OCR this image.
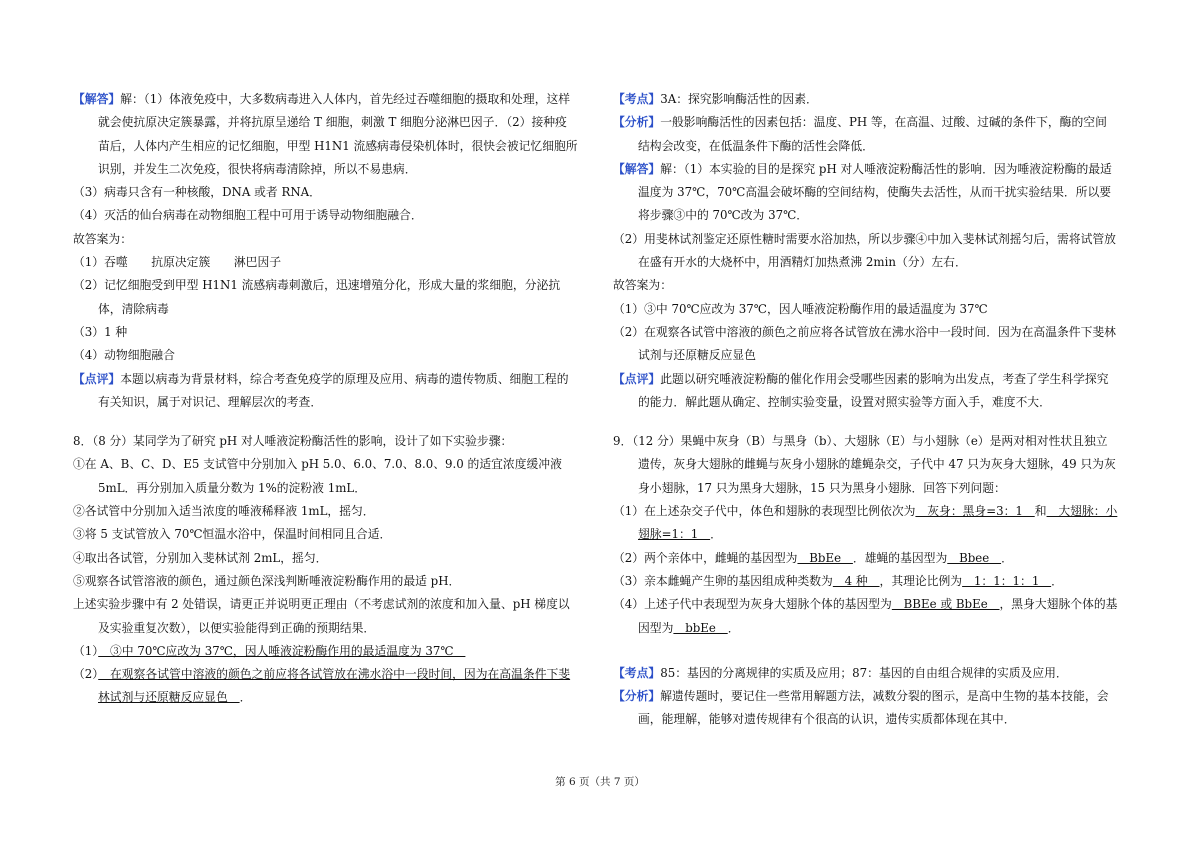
【解答】解：（1）体液免疫中，大多数病毒进入人体内，首先经过吞噬细胞的摄取和处理，这样就会使抗原决定簇暴露，并将抗原呈递给 T 细胞，刺激 T 细胞分泌淋巴因子．（2）接种疫苗后，人体内产生相应的记忆细胞，甲型 H1N1 流感病毒侵染机体时，很快会被记忆细胞所识别，并发生二次免疫，很快将病毒清除掉，所以不易患病．

（3）病毒只含有一种核酸，DNA 或者 RNA．

（4）灭活的仙台病毒在动物细胞工程中可用于诱导动物细胞融合．

故答案为：

（1）吞噬　　抗原决定簇　　淋巴因子

（2）记忆细胞受到甲型 H1N1 流感病毒刺激后，迅速增殖分化，形成大量的浆细胞，分泌抗体，清除病毒

（3）1 种

（4）动物细胞融合

【点评】本题以病毒为背景材料，综合考查免疫学的原理及应用、病毒的遗传物质、细胞工程的有关知识，属于对识记、理解层次的考查．

8．（8 分）某同学为了研究 pH 对人唾液淀粉酶活性的影响，设计了如下实验步骤：

①在 A、B、C、D、E5 支试管中分别加入 pH 5.0、6.0、7.0、8.0、9.0 的适宜浓度缓冲液 5mL．再分别加入质量分数为 1%的淀粉液 1mL．

②各试管中分别加入适当浓度的唾液稀释液 1mL，摇匀．

③将 5 支试管放入 70℃恒温水浴中，保温时间相同且合适．

④取出各试管，分别加入斐林试剂 2mL，摇匀．

⑤观察各试管溶液的颜色，通过颜色深浅判断唾液淀粉酶作用的最适 pH．

上述实验步骤中有 2 处错误，请更正并说明更正理由（不考虑试剂的浓度和加入量、pH 梯度以及实验重复次数），以便实验能得到正确的预期结果．

（1）　③中 70℃应改为 37℃，因人唾液淀粉酶作用的最适温度为 37℃　

（2）　在观察各试管中溶液的颜色之前应将各试管放在沸水浴中一段时间，因为在高温条件下斐林试剂与还原糖反应显色　．

【考点】3A：探究影响酶活性的因素．

【分析】一般影响酶活性的因素包括：温度、PH 等，在高温、过酸、过碱的条件下，酶的空间结构会改变，在低温条件下酶的活性会降低．

【解答】解：（1）本实验的目的是探究 pH 对人唾液淀粉酶活性的影响．因为唾液淀粉酶的最适温度为 37℃，70℃高温会破坏酶的空间结构，使酶失去活性，从而干扰实验结果．所以要将步骤③中的 70℃改为 37℃．

（2）用斐林试剂鉴定还原性糖时需要水浴加热，所以步骤④中加入斐林试剂摇匀后，需将试管放在盛有开水的大烧杯中，用酒精灯加热煮沸 2min（分）左右．

故答案为：

（1）③中 70℃应改为 37℃，因人唾液淀粉酶作用的最适温度为 37℃

（2）在观察各试管中溶液的颜色之前应将各试管放在沸水浴中一段时间．因为在高温条件下斐林试剂与还原糖反应显色

【点评】此题以研究唾液淀粉酶的催化作用会受哪些因素的影响为出发点，考查了学生科学探究的能力．解此题从确定、控制实验变量，设置对照实验等方面入手，难度不大．

9．（12 分）果蝇中灰身（B）与黑身（b）、大翅脉（E）与小翅脉（e）是两对相对性状且独立遗传，灰身大翅脉的雌蝇与灰身小翅脉的雄蝇杂交，子代中 47 只为灰身大翅脉，49 只为灰身小翅脉，17 只为黑身大翅脉，15 只为黑身小翅脉．回答下列问题：

（1）在上述杂交子代中，体色和翅脉的表现型比例依次为　灰身：黑身=3：1　和　大翅脉：小翅脉=1：1　．

（2）两个亲体中，雌蝇的基因型为　BbEe　．雄蝇的基因型为　Bbee　．

（3）亲本雌蝇产生卵的基因组成种类数为　4 种　，其理论比例为　1：1：1：1　．

（4）上述子代中表现型为灰身大翅脉个体的基因型为　BBEe 或 BbEe　，黑身大翅脉个体的基因型为　bbEe　．

【考点】85：基因的分离规律的实质及应用；87：基因的自由组合规律的实质及应用．

【分析】解遗传题时，要记住一些常用解题方法，减数分裂的图示，是高中生物的基本技能，会画，能理解，能够对遗传规律有个很高的认识，遗传实质都体现在其中．

第 6 页（共 7 页）
